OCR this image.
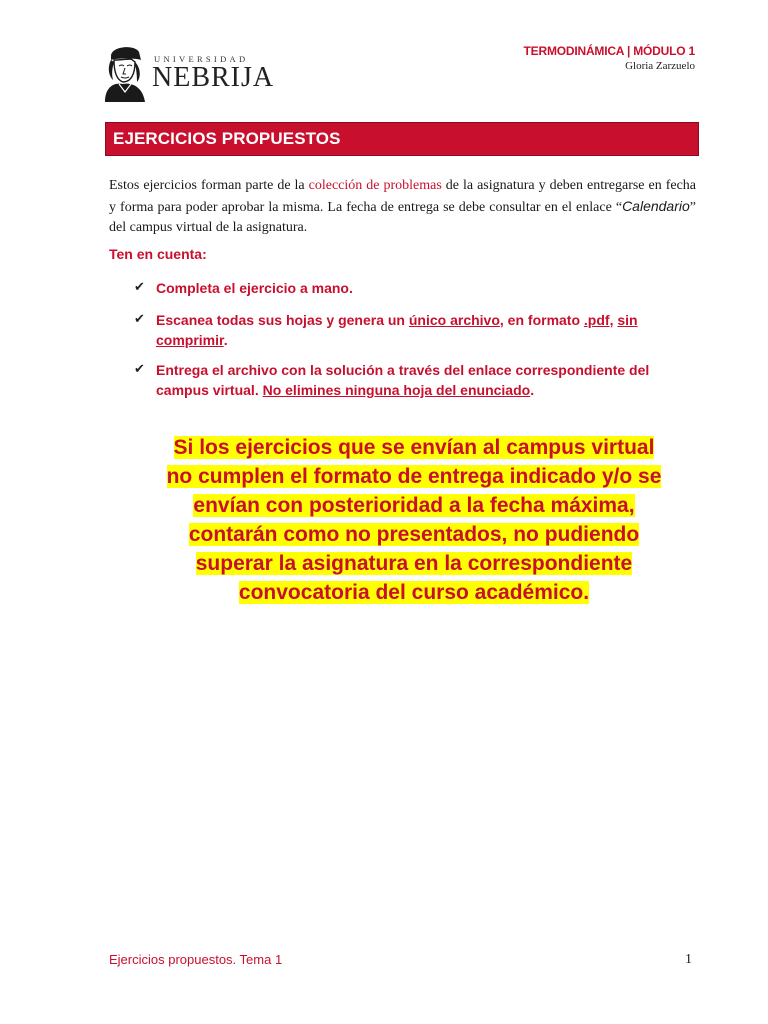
UNIVERSIDAD
NEBRIJA
TERMODINÁMICA | MÓDULO 1
Gloria Zarzuelo
EJERCICIOS PROPUESTOS
Estos ejercicios forman parte de la colección de problemas de la asignatura y deben entregarse en fecha y forma para poder aprobar la misma. La fecha de entrega se debe consultar en el enlace “Calendario” del campus virtual de la asignatura.
Ten en cuenta:
✔ Completa el ejercicio a mano.
✔ Escanea todas sus hojas y genera un único archivo, en formato .pdf, sin comprimir.
✔ Entrega el archivo con la solución a través del enlace correspondiente del campus virtual. No elimines ninguna hoja del enunciado.
Si los ejercicios que se envían al campus virtual
no cumplen el formato de entrega indicado y/o se
envían con posterioridad a la fecha máxima,
contarán como no presentados, no pudiendo
superar la asignatura en la correspondiente
convocatoria del curso académico.
Ejercicios propuestos. Tema 1	1
